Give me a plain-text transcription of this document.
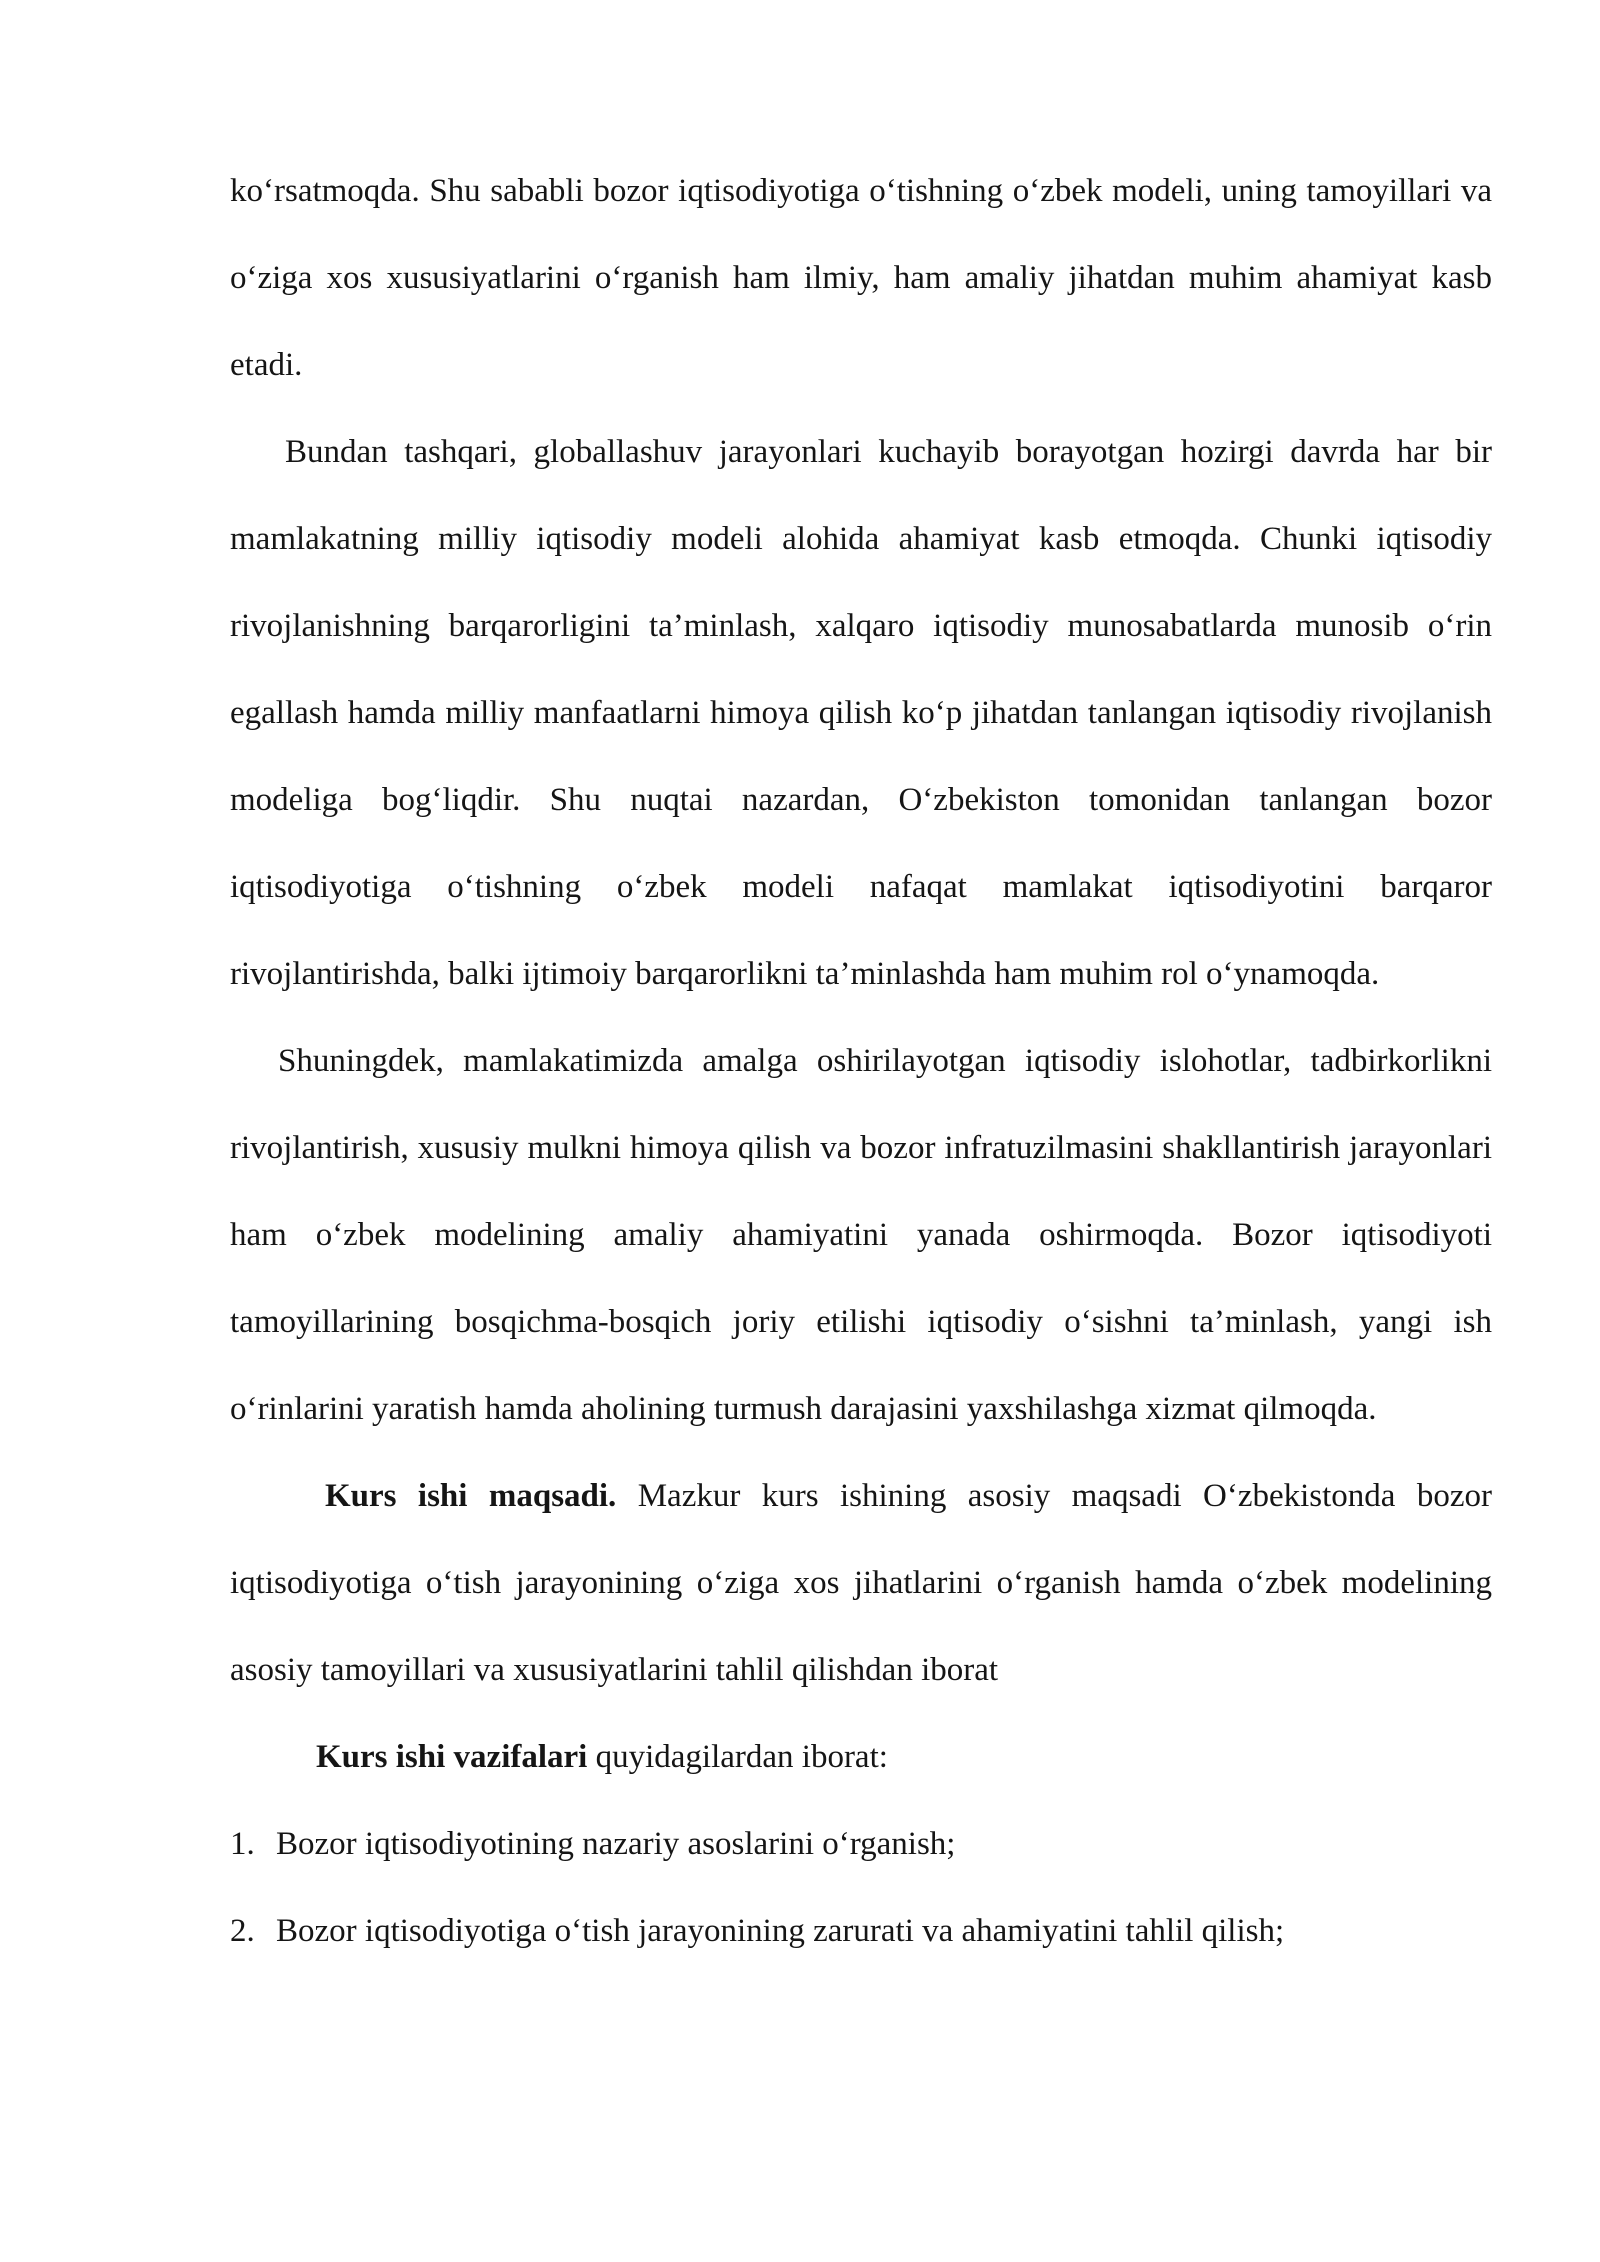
ko‘rsatmoqda. Shu sababli bozor iqtisodiyotiga o‘tishning o‘zbek modeli, uning tamoyillari va o‘ziga xos xususiyatlarini o‘rganish ham ilmiy, ham amaliy jihatdan muhim ahamiyat kasb etadi.

Bundan tashqari, globallashuv jarayonlari kuchayib borayotgan hozirgi davrda har bir mamlakatning milliy iqtisodiy modeli alohida ahamiyat kasb etmoqda. Chunki iqtisodiy rivojlanishning barqarorligini ta’minlash, xalqaro iqtisodiy munosabatlarda munosib o‘rin egallash hamda milliy manfaatlarni himoya qilish ko‘p jihatdan tanlangan iqtisodiy rivojlanish modeliga bog‘liqdir. Shu nuqtai nazardan, O‘zbekiston tomonidan tanlangan bozor iqtisodiyotiga o‘tishning o‘zbek modeli nafaqat mamlakat iqtisodiyotini barqaror rivojlantirishda, balki ijtimoiy barqarorlikni ta’minlashda ham muhim rol o‘ynamoqda.

Shuningdek, mamlakatimizda amalga oshirilayotgan iqtisodiy islohotlar, tadbirkorlikni rivojlantirish, xususiy mulkni himoya qilish va bozor infratuzilmasini shakllantirish jarayonlari ham o‘zbek modelining amaliy ahamiyatini yanada oshirmoqda. Bozor iqtisodiyoti tamoyillarining bosqichma-bosqich joriy etilishi iqtisodiy o‘sishni ta’minlash, yangi ish o‘rinlarini yaratish hamda aholining turmush darajasini yaxshilashga xizmat qilmoqda.

Kurs ishi maqsadi. Mazkur kurs ishining asosiy maqsadi O‘zbekistonda bozor iqtisodiyotiga o‘tish jarayonining o‘ziga xos jihatlarini o‘rganish hamda o‘zbek modelining asosiy tamoyillari va xususiyatlarini tahlil qilishdan iborat

Kurs ishi vazifalari quyidagilardan iborat:

1. Bozor iqtisodiyotining nazariy asoslarini o‘rganish;
2. Bozor iqtisodiyotiga o‘tish jarayonining zarurati va ahamiyatini tahlil qilish;
